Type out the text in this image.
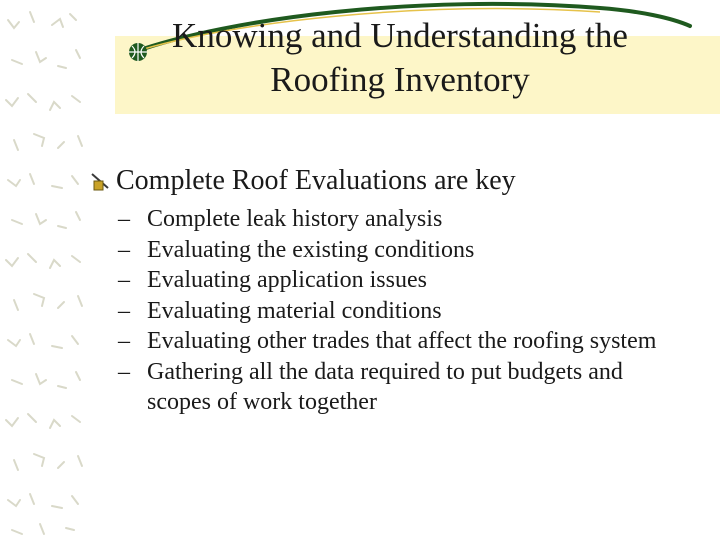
Knowing and Understanding the
Roofing Inventory
Complete Roof Evaluations are key
– Complete leak history analysis
– Evaluating the existing conditions
– Evaluating application issues
– Evaluating material conditions
– Evaluating other trades that affect the roofing system
– Gathering all the data required to put budgets and scopes of work together
